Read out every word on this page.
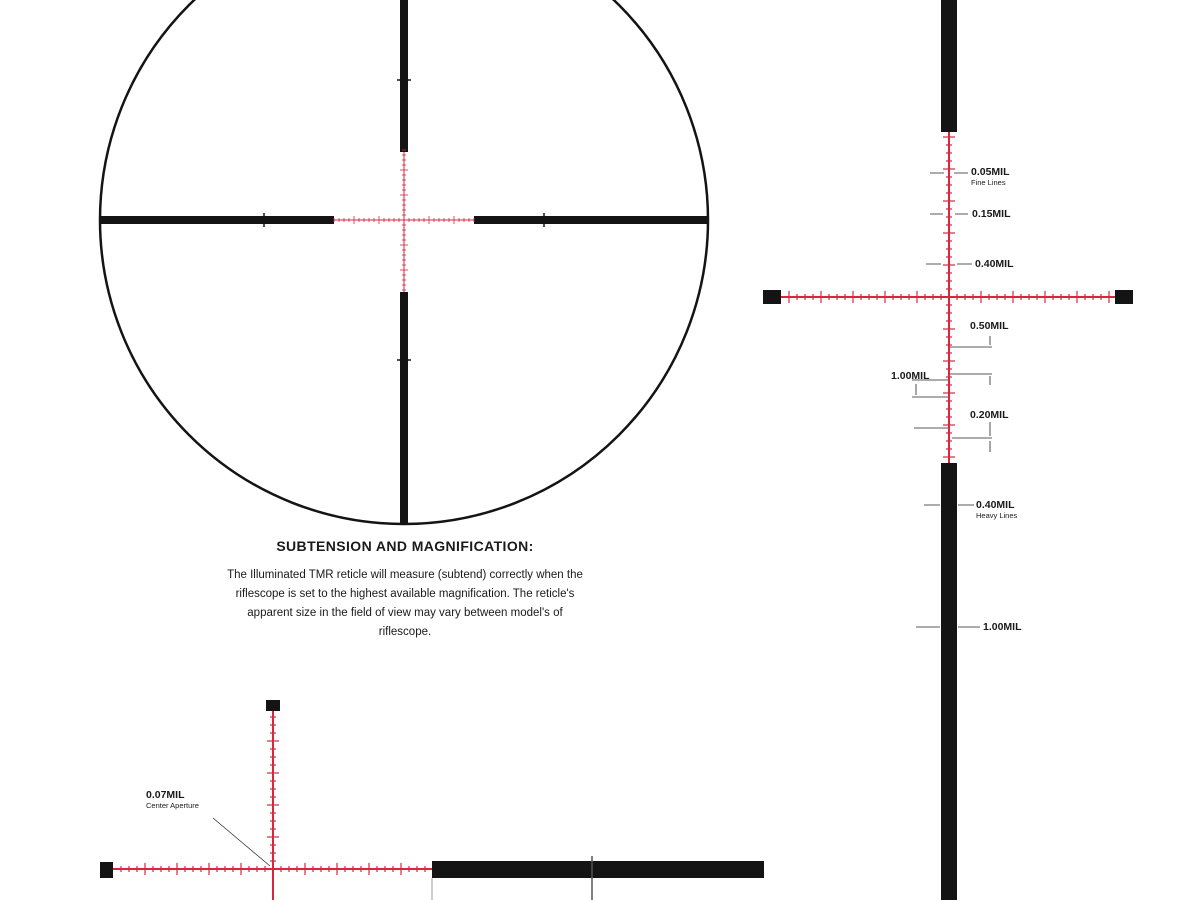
SUBTENSION AND MAGNIFICATION:

The Illuminated TMR reticle will measure (subtend) correctly when the
riflescope is set to the highest available magnification. The reticle's
apparent size in the field of view may vary between model's of
riflescope.

0.05MIL
Fine Lines
0.15MIL
0.40MIL
0.50MIL
1.00MIL
0.20MIL
0.40MIL
Heavy Lines
1.00MIL
0.07MIL
Center Aperture
